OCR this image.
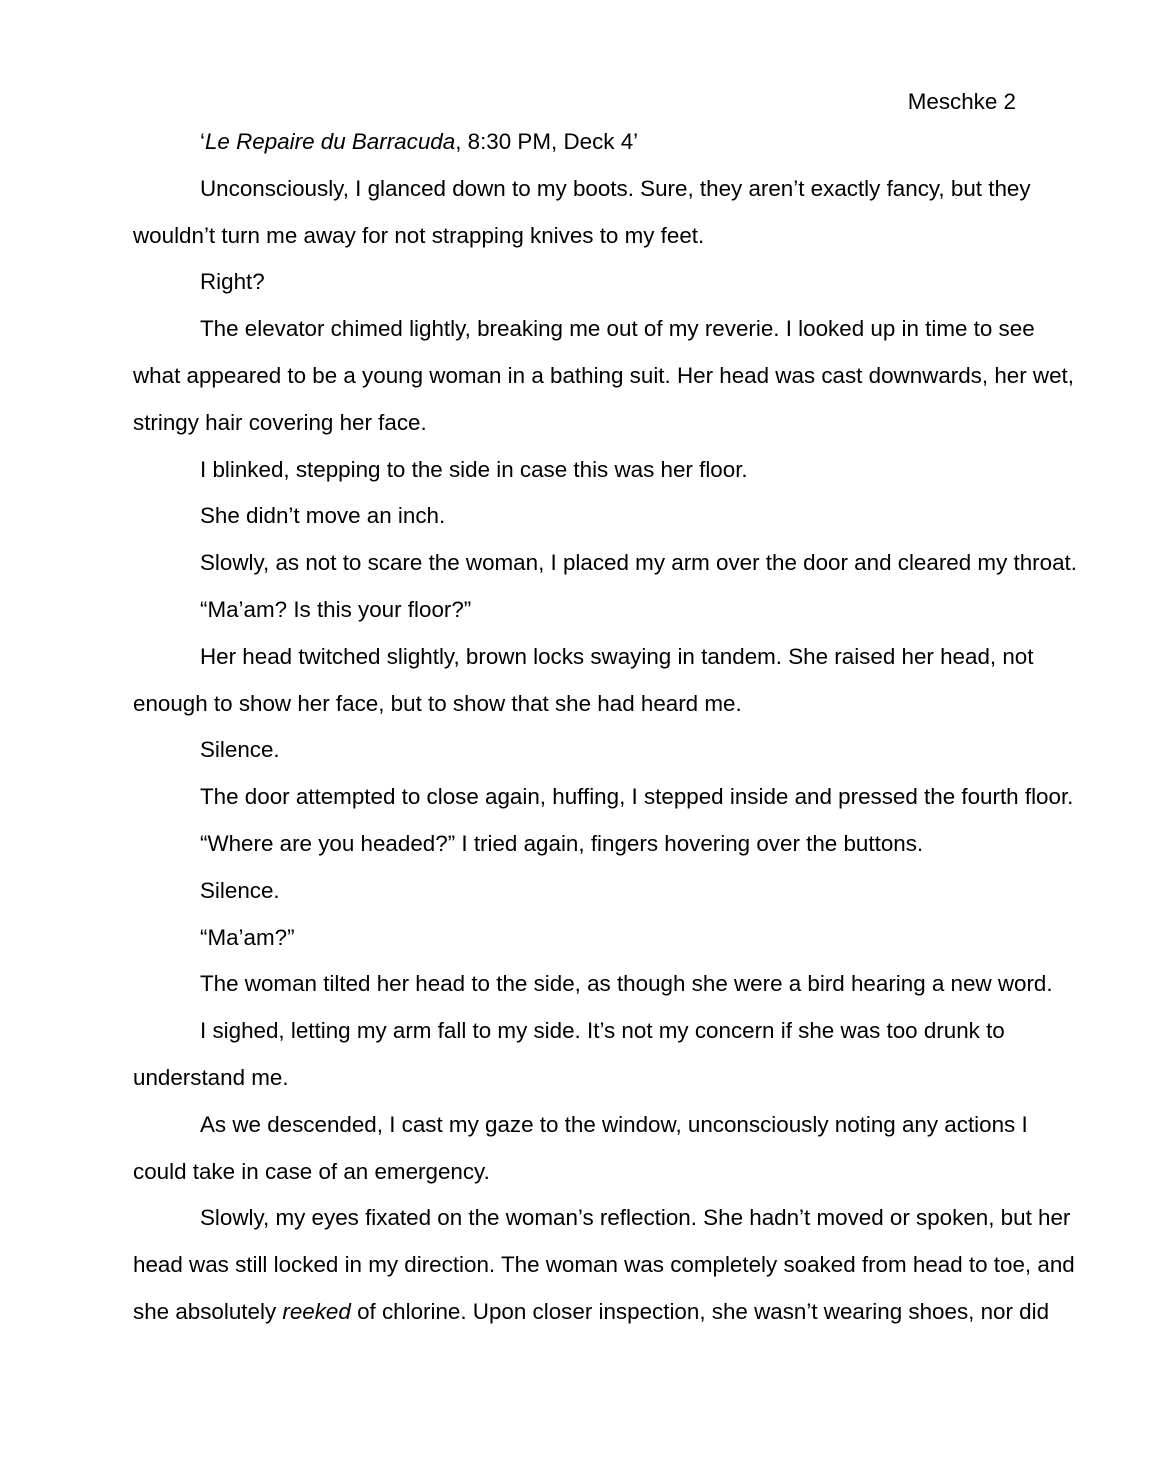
Meschke 2

‘Le Repaire du Barracuda, 8:30 PM, Deck 4’
Unconsciously, I glanced down to my boots. Sure, they aren’t exactly fancy, but they
wouldn’t turn me away for not strapping knives to my feet.
Right?
The elevator chimed lightly, breaking me out of my reverie. I looked up in time to see
what appeared to be a young woman in a bathing suit. Her head was cast downwards, her wet,
stringy hair covering her face.
I blinked, stepping to the side in case this was her floor.
She didn’t move an inch.
Slowly, as not to scare the woman, I placed my arm over the door and cleared my throat.
“Ma’am? Is this your floor?”
Her head twitched slightly, brown locks swaying in tandem. She raised her head, not
enough to show her face, but to show that she had heard me.
Silence.
The door attempted to close again, huffing, I stepped inside and pressed the fourth floor.
“Where are you headed?” I tried again, fingers hovering over the buttons.
Silence.
“Ma’am?”
The woman tilted her head to the side, as though she were a bird hearing a new word.
I sighed, letting my arm fall to my side. It’s not my concern if she was too drunk to
understand me.
As we descended, I cast my gaze to the window, unconsciously noting any actions I
could take in case of an emergency.
Slowly, my eyes fixated on the woman’s reflection. She hadn’t moved or spoken, but her
head was still locked in my direction. The woman was completely soaked from head to toe, and
she absolutely reeked of chlorine. Upon closer inspection, she wasn’t wearing shoes, nor did
